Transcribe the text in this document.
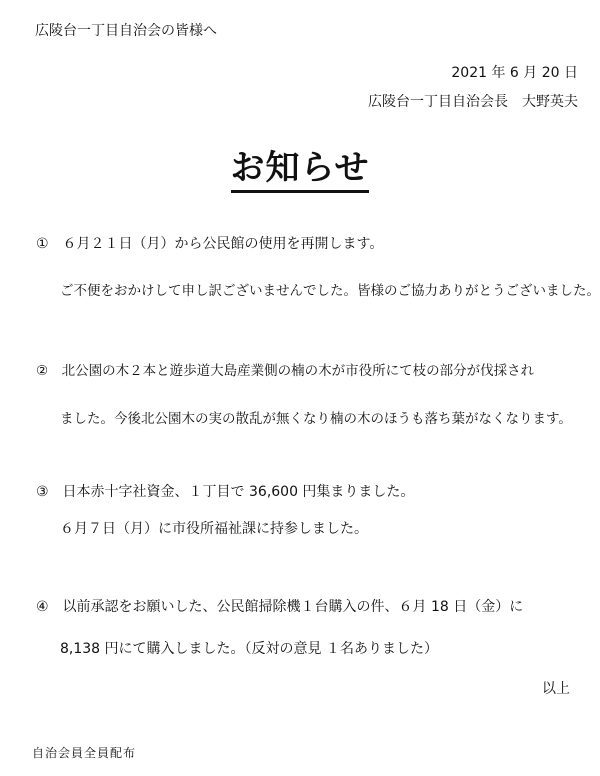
広陵台一丁目自治会の皆様へ
2021 年 6 月 20 日
広陵台一丁目自治会長　大野英夫
お知らせ
①　６月２１日（月）から公民館の使用を再開します。
ご不便をおかけして申し訳ございませんでした。皆様のご協力ありがとうございました。
②　北公園の木２本と遊歩道大島産業側の楠の木が市役所にて枝の部分が伐採され
ました。今後北公園木の実の散乱が無くなり楠の木のほうも落ち葉がなくなります。
③　日本赤十字社資金、１丁目で 36,600 円集まりました。
６月７日（月）に市役所福祉課に持参しました。
④　以前承認をお願いした、公民館掃除機１台購入の件、６月 18 日（金）に
8,138 円にて購入しました。（反対の意見 １名ありました）
以上
自治会員全員配布
